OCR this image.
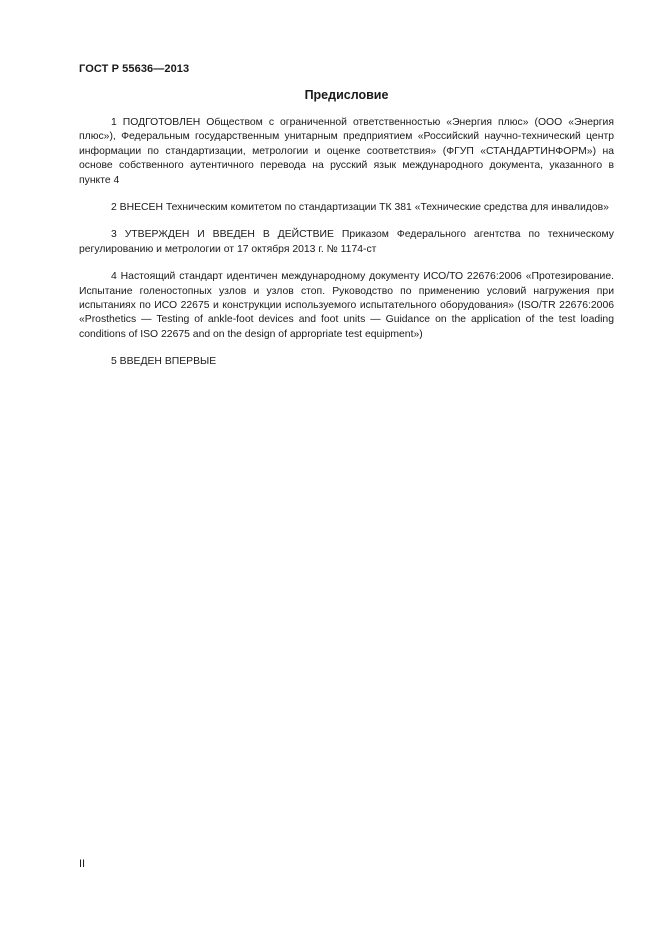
ГОСТ Р 55636—2013
Предисловие

1 ПОДГОТОВЛЕН Обществом с ограниченной ответственностью «Энергия плюс» (ООО «Энергия плюс»), Федеральным государственным унитарным предприятием «Российский научно-технический центр информации по стандартизации, метрологии и оценке соответствия» (ФГУП «СТАНДАРТИНФОРМ») на основе собственного аутентичного перевода на русский язык международного документа, указанного в пункте 4

2 ВНЕСЕН Техническим комитетом по стандартизации ТК 381 «Технические средства для инвалидов»

3 УТВЕРЖДЕН И ВВЕДЕН В ДЕЙСТВИЕ Приказом Федерального агентства по техническому регулированию и метрологии от 17 октября 2013 г. № 1174-ст

4 Настоящий стандарт идентичен международному документу ИСО/ТО 22676:2006 «Протезирование. Испытание голеностопных узлов и узлов стоп. Руководство по применению условий нагружения при испытаниях по ИСО 22675 и конструкции используемого испытательного оборудования» (ISO/TR 22676:2006 «Prosthetics — Testing of ankle-foot devices and foot units — Guidance on the application of the test loading conditions of ISO 22675 and on the design of appropriate test equipment»)

5 ВВЕДЕН ВПЕРВЫЕ

II
